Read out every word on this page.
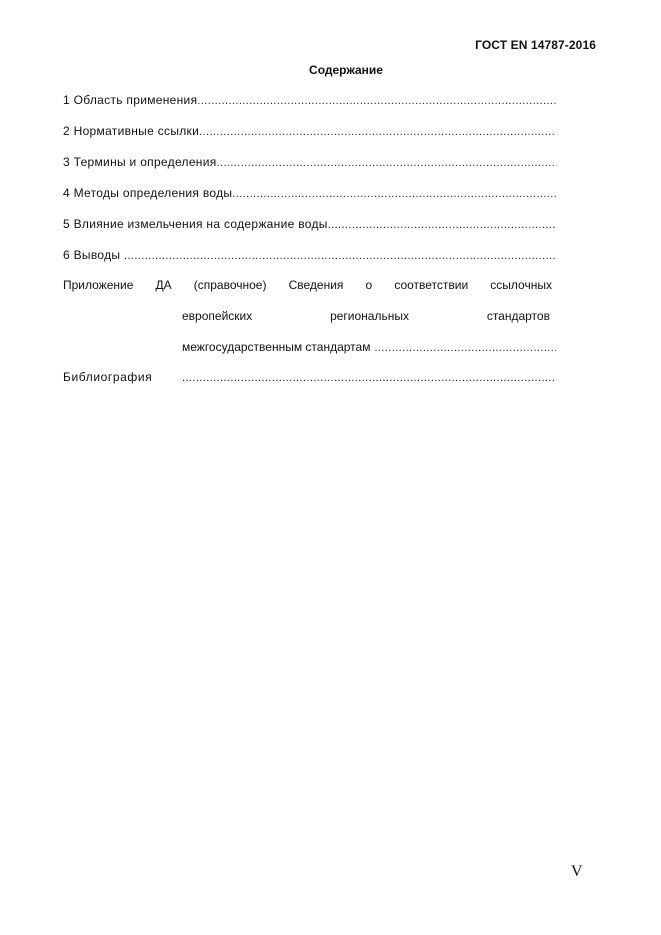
ГОСТ EN 14787-2016
Содержание
1 Область применения
.....
2 Нормативные ссылки
.....
3 Термины и определения
.....
4 Методы определения воды
.....
5 Влияние измельчения на содержание воды
.....
6 Выводы
.....
Приложение ДА (справочное) Сведения о соответствии ссылочных
европейских	региональных	стандартов
межгосударственным стандартам
.....
Библиография
.....
V
